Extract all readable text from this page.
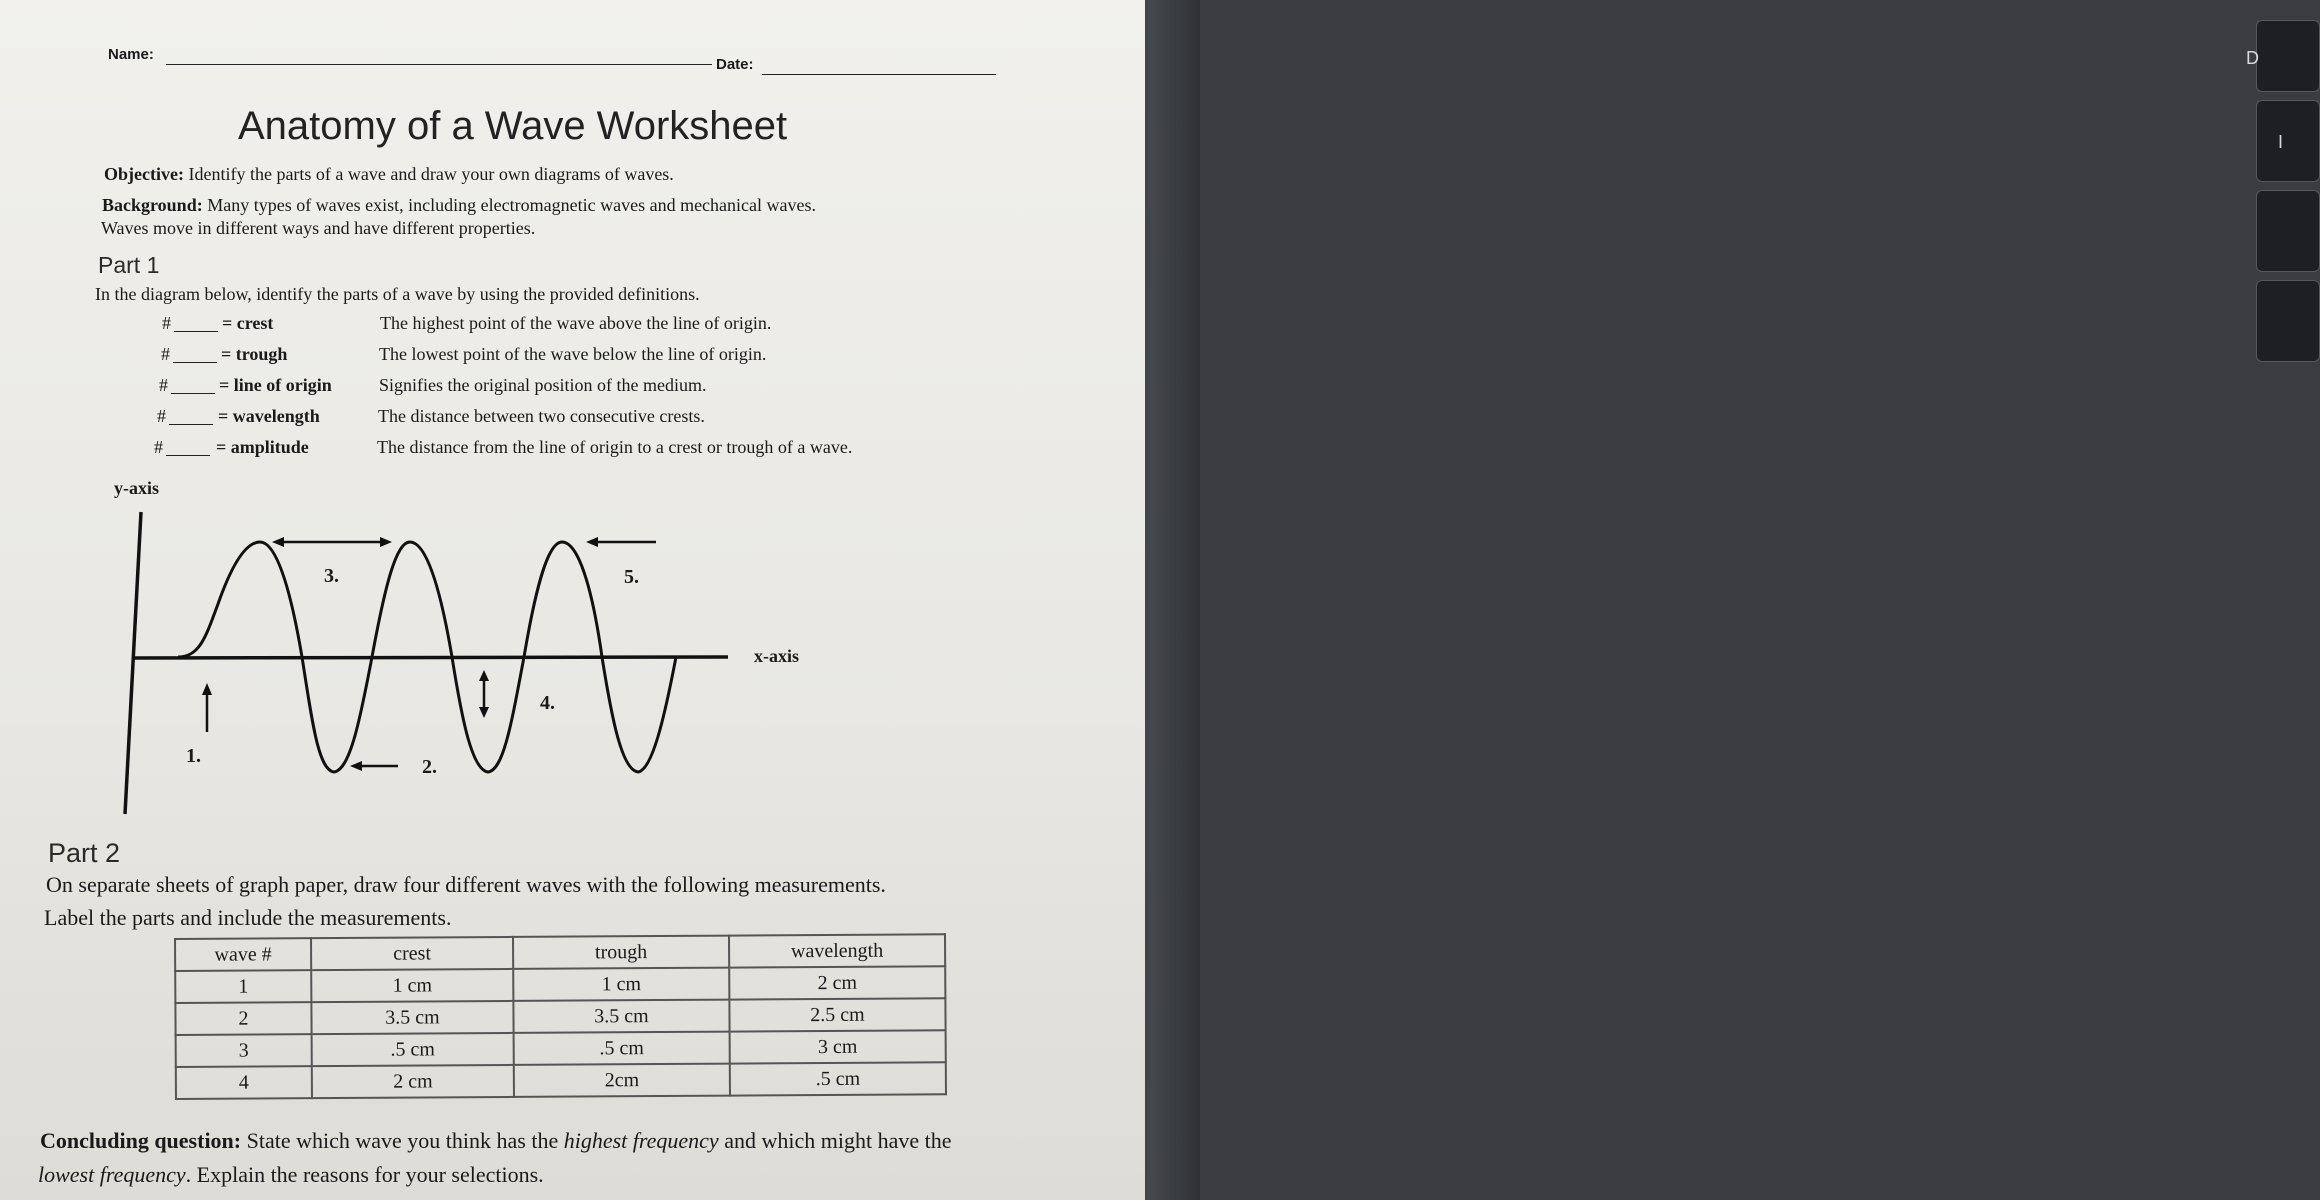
D
I
Name:
Date:
Anatomy of a Wave Worksheet
Objective: Identify the parts of a wave and draw your own diagrams of waves.
Background: Many types of waves exist, including electromagnetic waves and mechanical waves.
Waves move in different ways and have different properties.
Part 1
In the diagram below, identify the parts of a wave by using the provided definitions.
#	= crest	The highest point of the wave above the line of origin.
#	= trough	The lowest point of the wave below the line of origin.
#	= line of origin	Signifies the original position of the medium.
#	= wavelength	The distance between two consecutive crests.
#	= amplitude	The distance from the line of origin to a crest or trough of a wave.
y-axis
x-axis
3.	5.
4.
1.	2.
Part 2
On separate sheets of graph paper, draw four different waves with the following measurements.
Label the parts and include the measurements.
wave #	crest	trough	wavelength
1	1 cm	1 cm	2 cm
2	3.5 cm	3.5 cm	2.5 cm
3	.5 cm	.5 cm	3 cm
4	2 cm	2cm	.5 cm
Concluding question: State which wave you think has the highest frequency and which might have the
lowest frequency. Explain the reasons for your selections.
